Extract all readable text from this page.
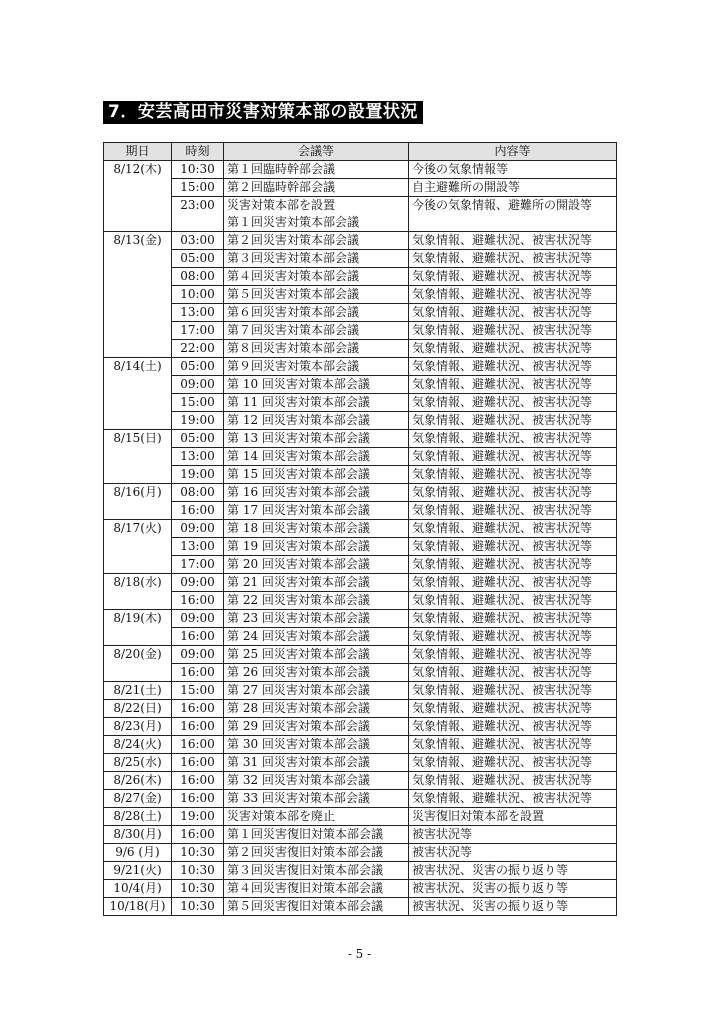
7．安芸高田市災害対策本部の設置状況
期日	時刻	会議等	内容等
8/12(木)	10:30	第１回臨時幹部会議	今後の気象情報等
	15:00	第２回臨時幹部会議	自主避難所の開設等
	23:00	災害対策本部を設置	今後の気象情報、避難所の開設等
		第１回災害対策本部会議	
8/13(金)	03:00	第２回災害対策本部会議	気象情報、避難状況、被害状況等
	05:00	第３回災害対策本部会議	気象情報、避難状況、被害状況等
	08:00	第４回災害対策本部会議	気象情報、避難状況、被害状況等
	10:00	第５回災害対策本部会議	気象情報、避難状況、被害状況等
	13:00	第６回災害対策本部会議	気象情報、避難状況、被害状況等
	17:00	第７回災害対策本部会議	気象情報、避難状況、被害状況等
	22:00	第８回災害対策本部会議	気象情報、避難状況、被害状況等
8/14(土)	05:00	第９回災害対策本部会議	気象情報、避難状況、被害状況等
	09:00	第 10 回災害対策本部会議	気象情報、避難状況、被害状況等
	15:00	第 11 回災害対策本部会議	気象情報、避難状況、被害状況等
	19:00	第 12 回災害対策本部会議	気象情報、避難状況、被害状況等
8/15(日)	05:00	第 13 回災害対策本部会議	気象情報、避難状況、被害状況等
	13:00	第 14 回災害対策本部会議	気象情報、避難状況、被害状況等
	19:00	第 15 回災害対策本部会議	気象情報、避難状況、被害状況等
8/16(月)	08:00	第 16 回災害対策本部会議	気象情報、避難状況、被害状況等
	16:00	第 17 回災害対策本部会議	気象情報、避難状況、被害状況等
8/17(火)	09:00	第 18 回災害対策本部会議	気象情報、避難状況、被害状況等
	13:00	第 19 回災害対策本部会議	気象情報、避難状況、被害状況等
	17:00	第 20 回災害対策本部会議	気象情報、避難状況、被害状況等
8/18(水)	09:00	第 21 回災害対策本部会議	気象情報、避難状況、被害状況等
	16:00	第 22 回災害対策本部会議	気象情報、避難状況、被害状況等
8/19(木)	09:00	第 23 回災害対策本部会議	気象情報、避難状況、被害状況等
	16:00	第 24 回災害対策本部会議	気象情報、避難状況、被害状況等
8/20(金)	09:00	第 25 回災害対策本部会議	気象情報、避難状況、被害状況等
	16:00	第 26 回災害対策本部会議	気象情報、避難状況、被害状況等
8/21(土)	15:00	第 27 回災害対策本部会議	気象情報、避難状況、被害状況等
8/22(日)	16:00	第 28 回災害対策本部会議	気象情報、避難状況、被害状況等
8/23(月)	16:00	第 29 回災害対策本部会議	気象情報、避難状況、被害状況等
8/24(火)	16:00	第 30 回災害対策本部会議	気象情報、避難状況、被害状況等
8/25(水)	16:00	第 31 回災害対策本部会議	気象情報、避難状況、被害状況等
8/26(木)	16:00	第 32 回災害対策本部会議	気象情報、避難状況、被害状況等
8/27(金)	16:00	第 33 回災害対策本部会議	気象情報、避難状況、被害状況等
8/28(土)	19:00	災害対策本部を廃止	災害復旧対策本部を設置
8/30(月)	16:00	第１回災害復旧対策本部会議	被害状況等
9/6 (月)	10:30	第２回災害復旧対策本部会議	被害状況等
9/21(火)	10:30	第３回災害復旧対策本部会議	被害状況、災害の振り返り等
10/4(月)	10:30	第４回災害復旧対策本部会議	被害状況、災害の振り返り等
10/18(月)	10:30	第５回災害復旧対策本部会議	被害状況、災害の振り返り等
- 5 -
